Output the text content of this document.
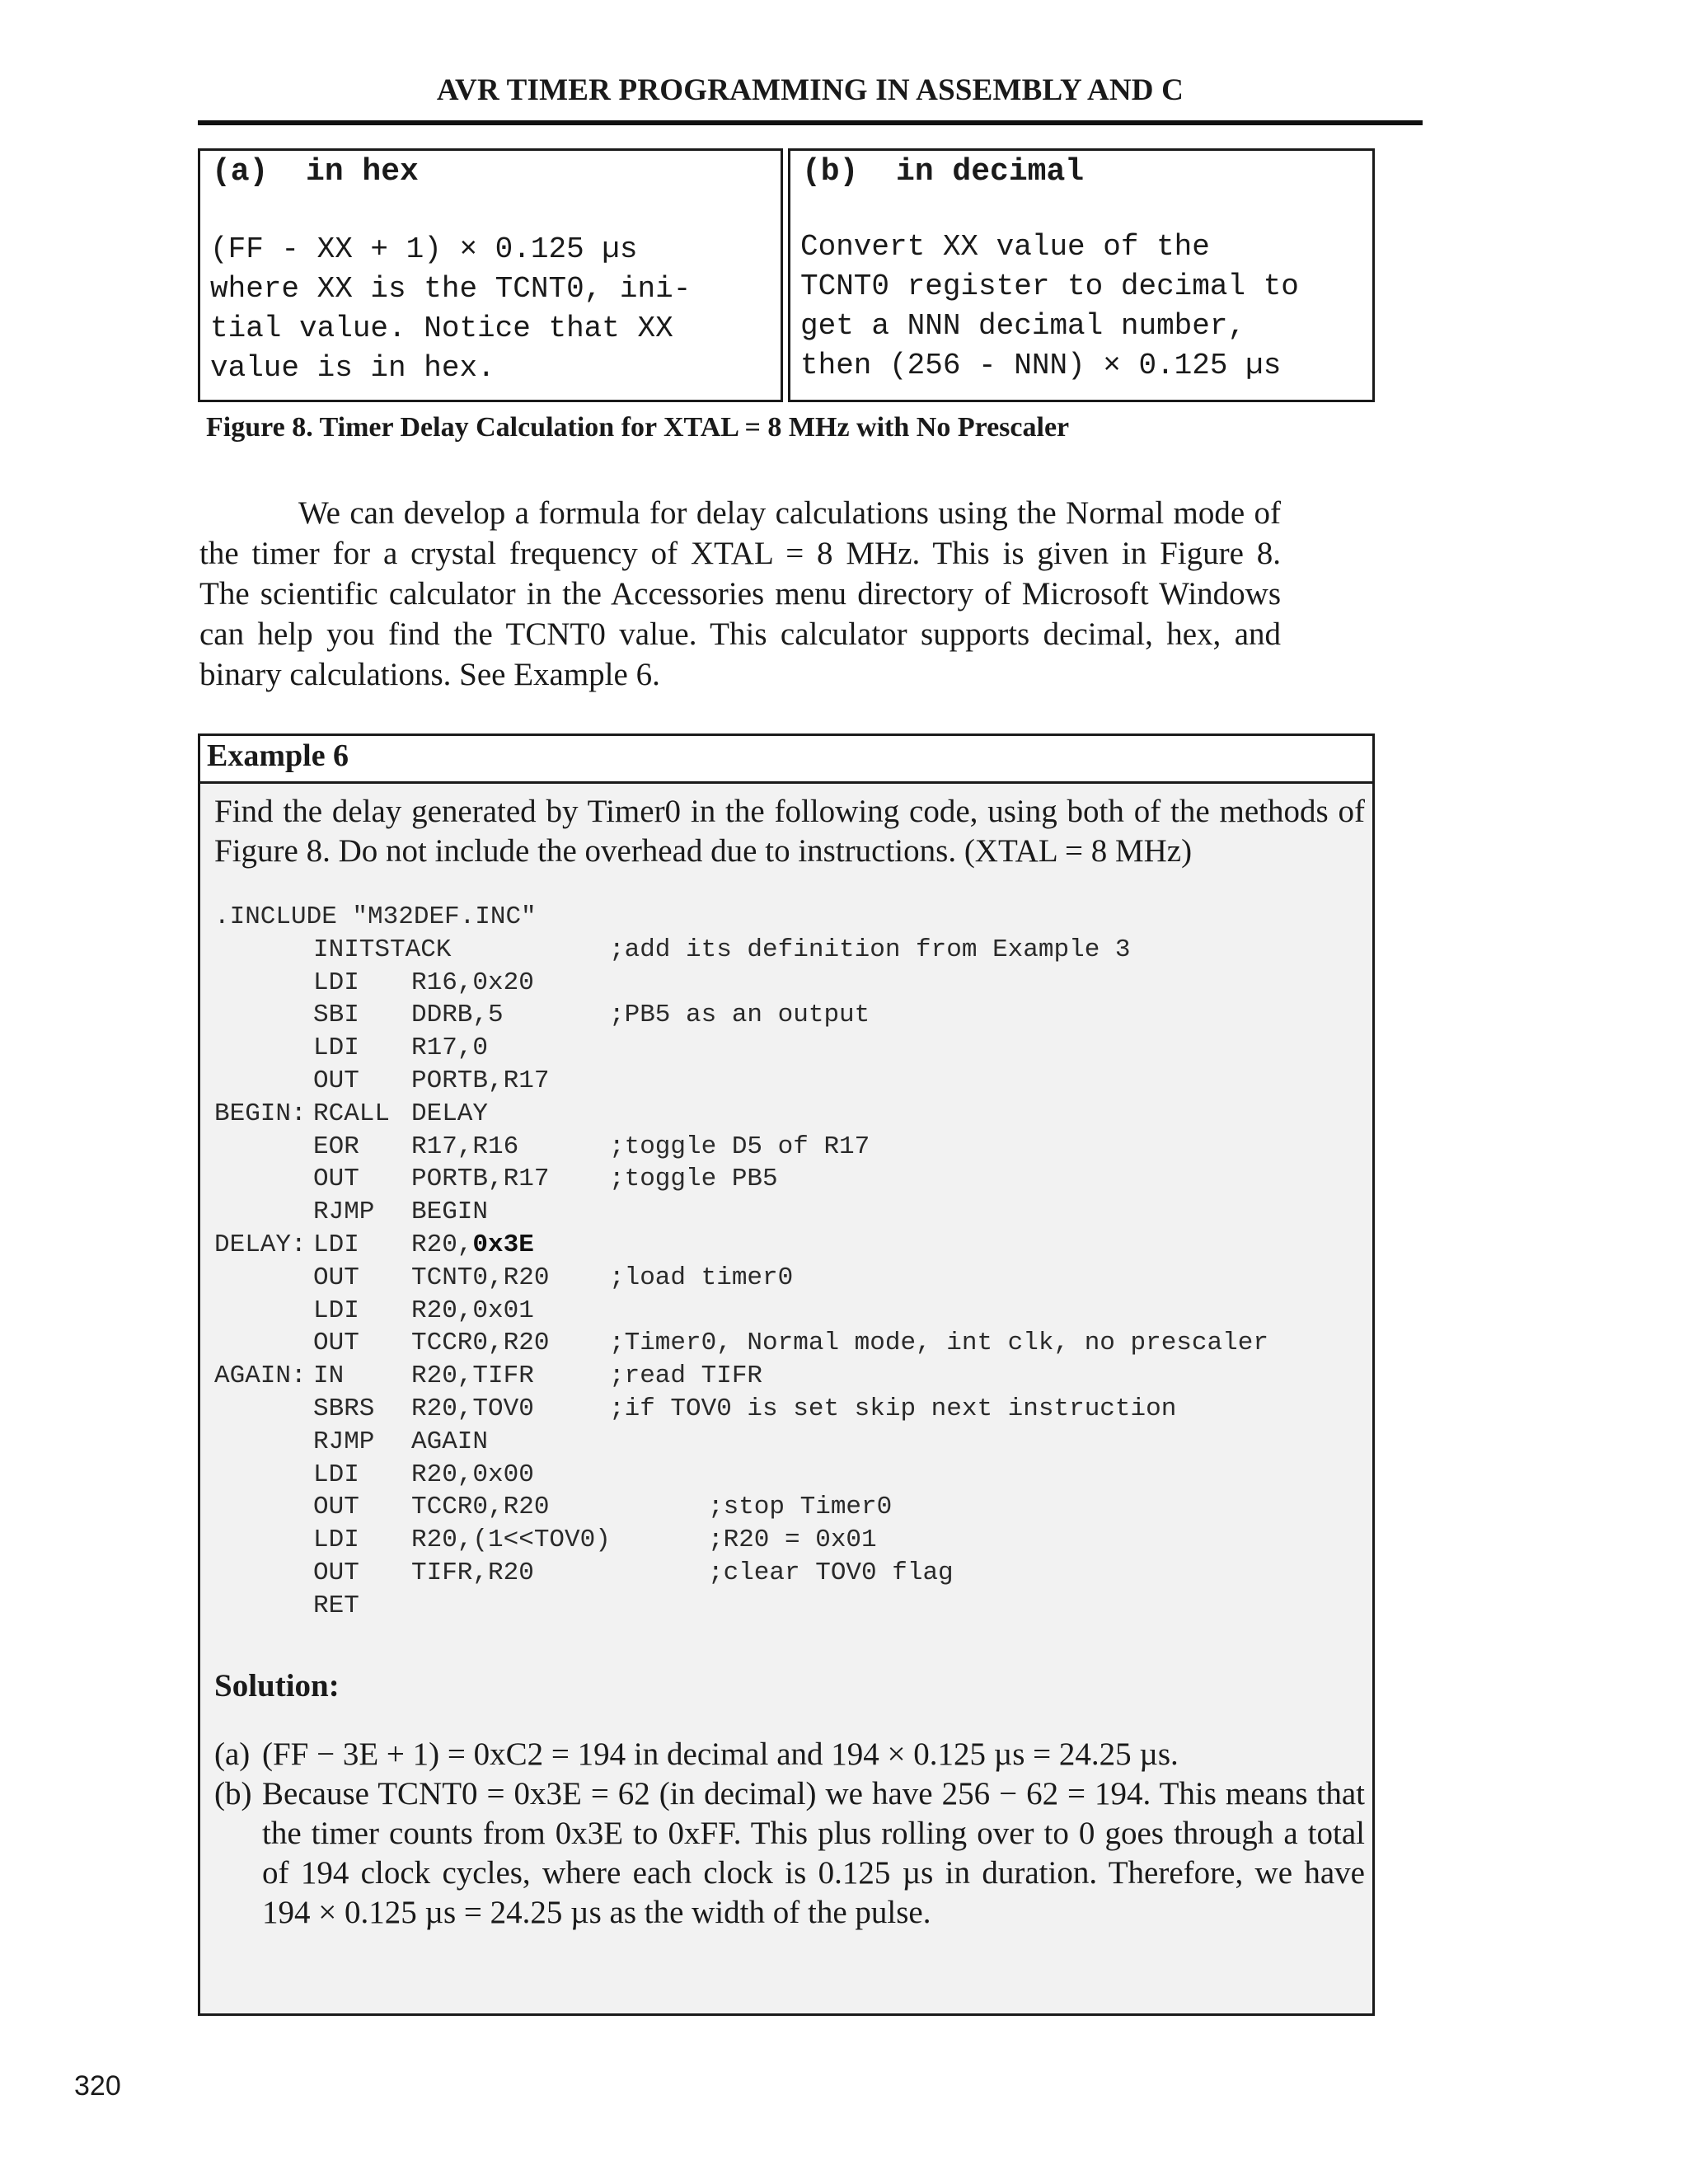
AVR TIMER PROGRAMMING IN ASSEMBLY AND C
(a)  in hex
(FF - XX + 1) × 0.125 µs
where XX is the TCNT0, ini-
tial value. Notice that XX
value is in hex.
(b)  in decimal
Convert XX value of the
TCNT0 register to decimal to
get a NNN decimal number,
then (256 - NNN) × 0.125 µs
Figure 8. Timer Delay Calculation for XTAL = 8 MHz with No Prescaler
We can develop a formula for delay calculations using the Normal mode of
the timer for a crystal frequency of XTAL = 8 MHz. This is given in Figure 8.
The scientific calculator in the Accessories menu directory of Microsoft Windows
can help you find the TCNT0 value. This calculator supports decimal, hex, and
binary calculations. See Example 6.
Example 6
Find the delay generated by Timer0 in the following code, using both of the methods of
Figure 8. Do not include the overhead due to instructions. (XTAL = 8 MHz)
.INCLUDE "M32DEF.INC"
INITSTACK	;add its definition from Example 3
LDI R16,0x20
SBI DDRB,5	;PB5 as an output
LDI R17,0
OUT PORTB,R17
BEGIN: RCALL DELAY
EOR R17,R16	;toggle D5 of R17
OUT PORTB,R17 ;toggle PB5
RJMP BEGIN
DELAY: LDI R20,0x3E
OUT TCNT0,R20 ;load timer0
LDI R20,0x01
OUT TCCR0,R20 ;Timer0, Normal mode, int clk, no prescaler
AGAIN: IN	R20,TIFR	;read TIFR
SBRS R20,TOV0	;if TOV0 is set skip next instruction
RJMP AGAIN
LDI R20,0x00
OUT TCCR0,R20	;stop Timer0
LDI R20,(1<<TOV0)	;R20 = 0x01
OUT TIFR,R20	;clear TOV0 flag
RET
Solution:
(a) (FF − 3E + 1) = 0xC2 = 194 in decimal and 194 × 0.125 µs = 24.25 µs.
(b) Because TCNT0 = 0x3E = 62 (in decimal) we have 256 − 62 = 194. This means that
the timer counts from 0x3E to 0xFF. This plus rolling over to 0 goes through a total
of 194 clock cycles, where each clock is 0.125 µs in duration. Therefore, we have
194 × 0.125 µs = 24.25 µs as the width of the pulse.
320
